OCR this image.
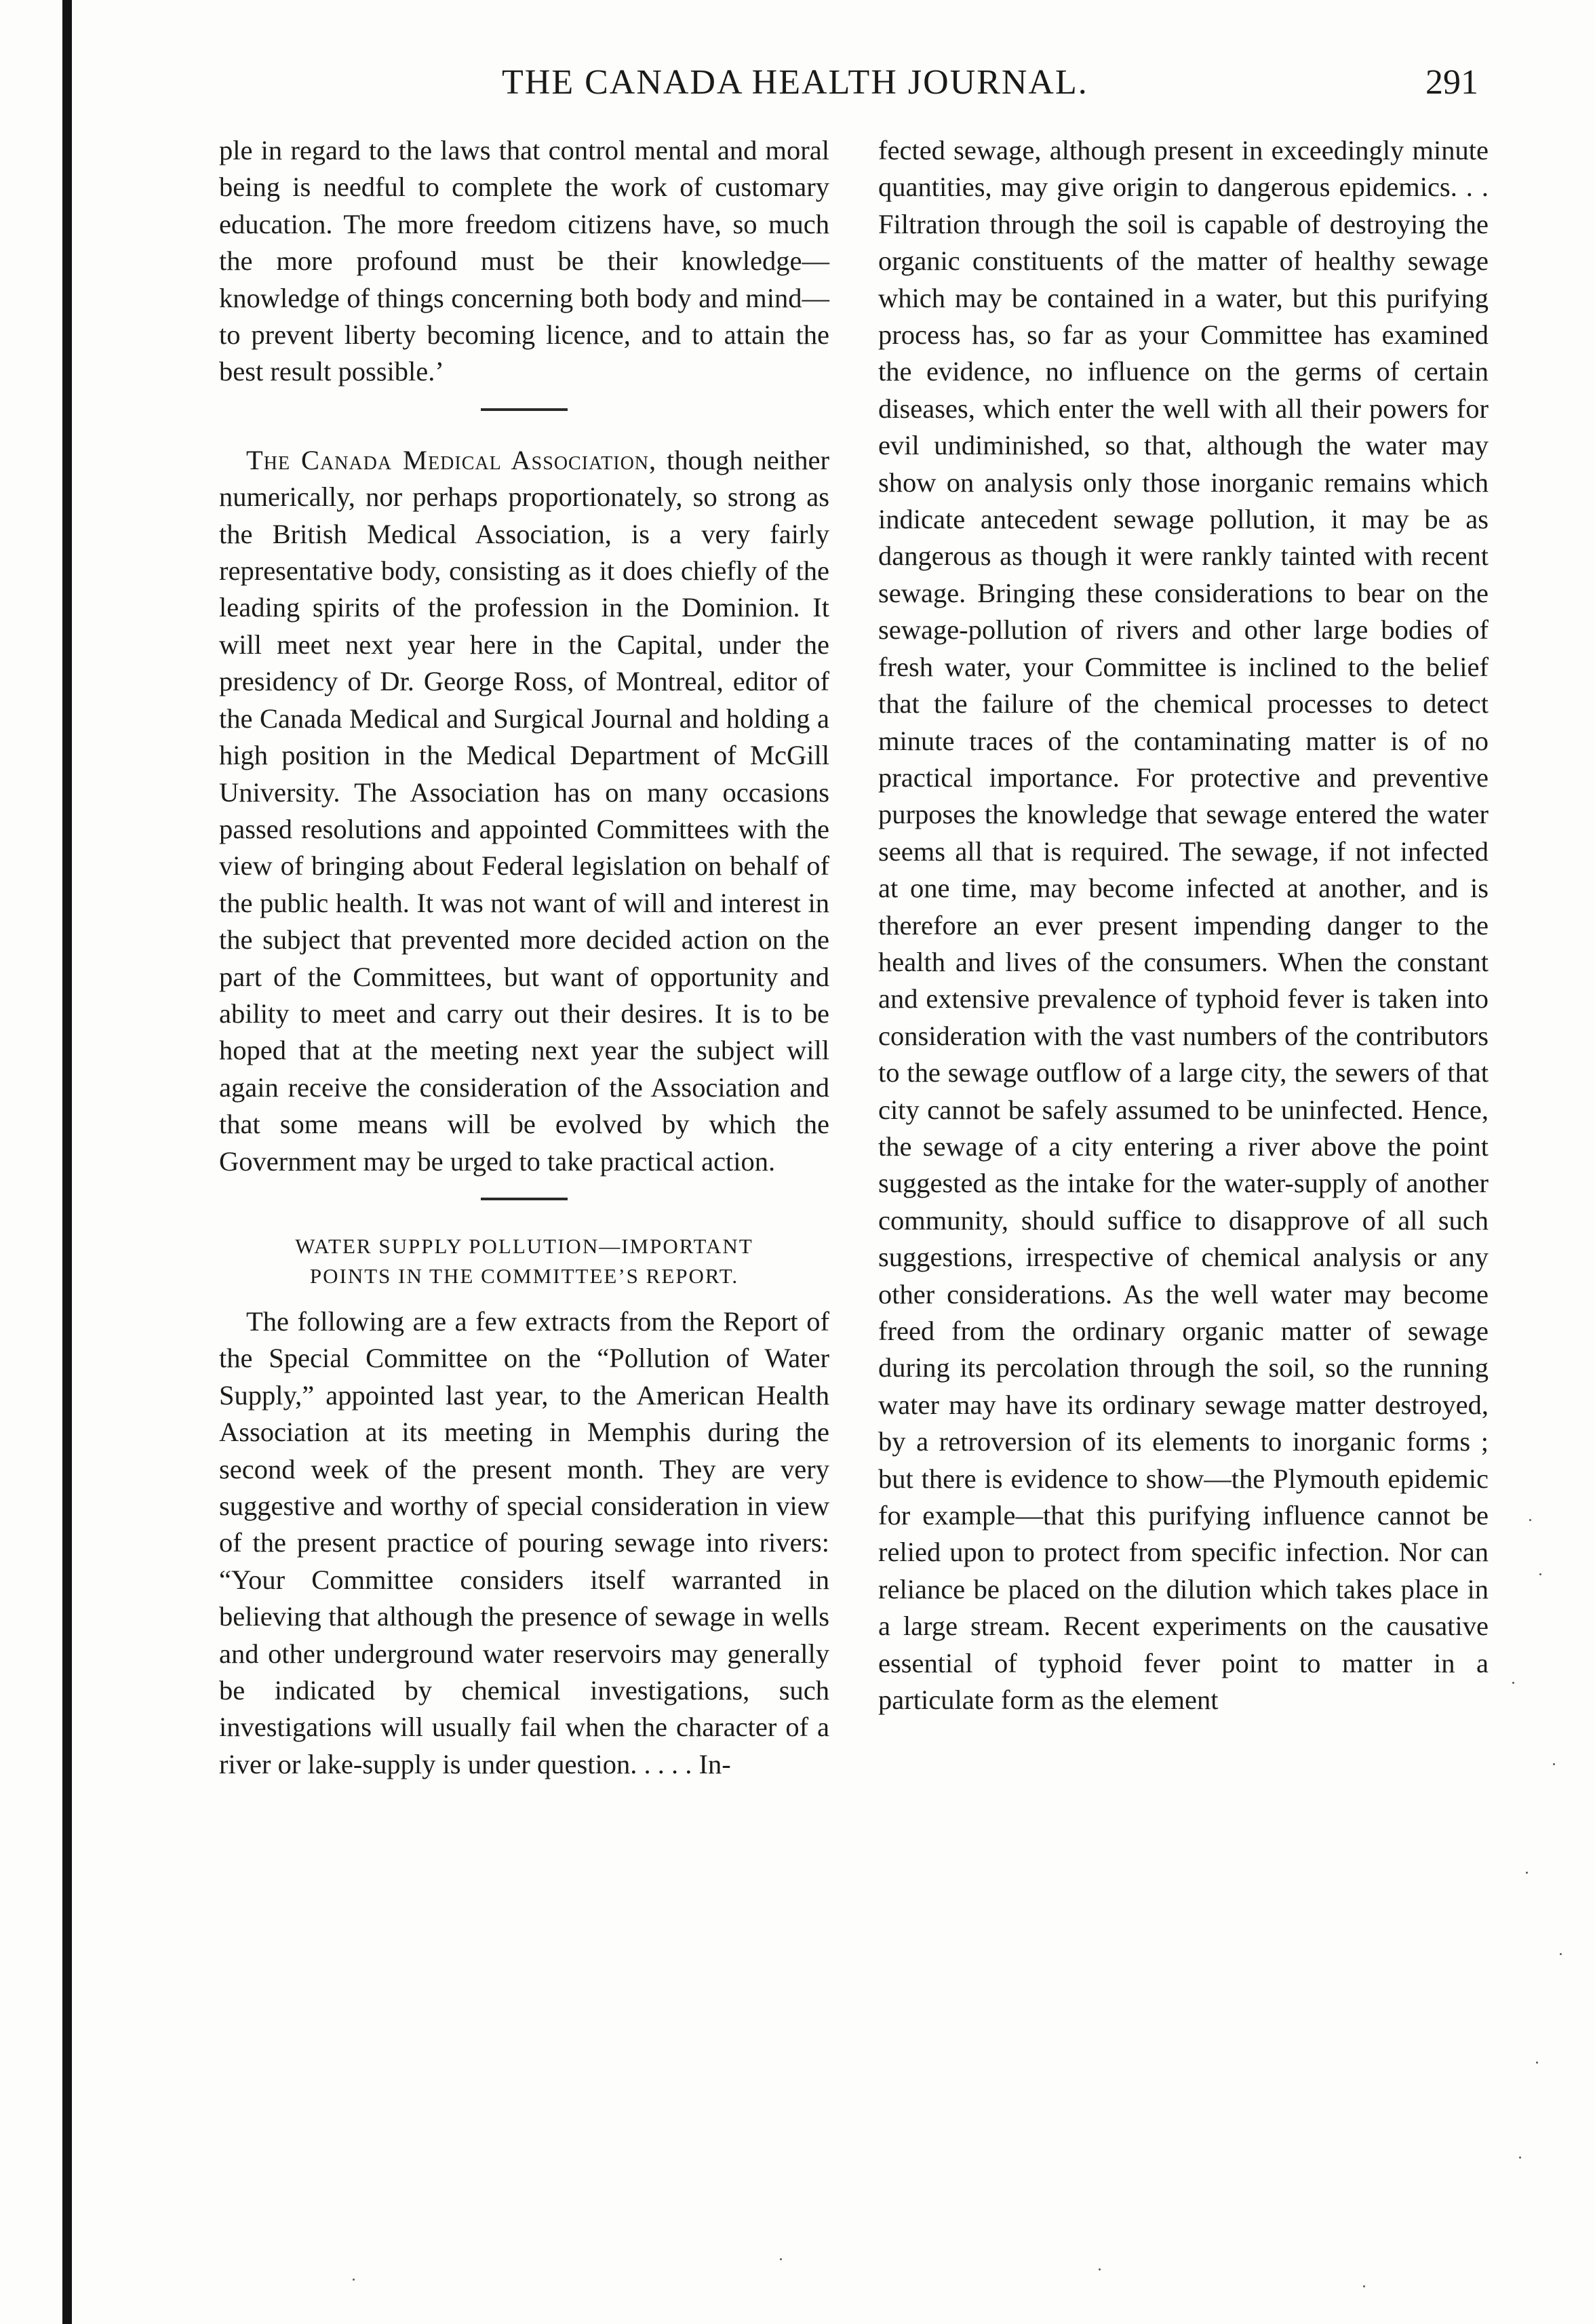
THE CANADA HEALTH JOURNAL.	291

ple in regard to the laws that control mental and moral being is needful to complete the work of customary education. The more freedom citizens have, so much the more profound must be their knowledge—knowledge of things concerning both body and mind—to prevent liberty becoming licence, and to attain the best result possible.’

The Canada Medical Association, though neither numerically, nor perhaps proportionately, so strong as the British Medical Association, is a very fairly representative body, consisting as it does chiefly of the leading spirits of the profession in the Dominion. It will meet next year here in the Capital, under the presidency of Dr. George Ross, of Montreal, editor of the Canada Medical and Surgical Journal and holding a high position in the Medical Department of McGill University. The Association has on many occasions passed resolutions and appointed Committees with the view of bringing about Federal legislation on behalf of the public health. It was not want of will and interest in the subject that prevented more decided action on the part of the Committees, but want of opportunity and ability to meet and carry out their desires. It is to be hoped that at the meeting next year the subject will again receive the consideration of the Association and that some means will be evolved by which the Government may be urged to take practical action.

WATER SUPPLY POLLUTION—IMPORTANT
POINTS IN THE COMMITTEE’S REPORT.

The following are a few extracts from the Report of the Special Committee on the “Pollution of Water Supply,” appointed last year, to the American Health Association at its meeting in Memphis during the second week of the present month. They are very suggestive and worthy of special consideration in view of the present practice of pouring sewage into rivers: “Your Committee considers itself warranted in believing that although the presence of sewage in wells and other underground water reservoirs may generally be indicated by chemical investigations, such investigations will usually fail when the character of a river or lake-supply is under question. . . . . In-

fected sewage, although present in exceedingly minute quantities, may give origin to dangerous epidemics. . . Filtration through the soil is capable of destroying the organic constituents of the matter of healthy sewage which may be contained in a water, but this purifying process has, so far as your Committee has examined the evidence, no influence on the germs of certain diseases, which enter the well with all their powers for evil undiminished, so that, although the water may show on analysis only those inorganic remains which indicate antecedent sewage pollution, it may be as dangerous as though it were rankly tainted with recent sewage. Bringing these considerations to bear on the sewage-pollution of rivers and other large bodies of fresh water, your Committee is inclined to the belief that the failure of the chemical processes to detect minute traces of the contaminating matter is of no practical importance. For protective and preventive purposes the knowledge that sewage entered the water seems all that is required. The sewage, if not infected at one time, may become infected at another, and is therefore an ever present impending danger to the health and lives of the consumers. When the constant and extensive prevalence of typhoid fever is taken into consideration with the vast numbers of the contributors to the sewage outflow of a large city, the sewers of that city cannot be safely assumed to be uninfected. Hence, the sewage of a city entering a river above the point suggested as the intake for the water-supply of another community, should suffice to disapprove of all such suggestions, irrespective of chemical analysis or any other considerations. As the well water may become freed from the ordinary organic matter of sewage during its percolation through the soil, so the running water may have its ordinary sewage matter destroyed, by a retroversion of its elements to inorganic forms ; but there is evidence to show—the Plymouth epidemic for example—that this purifying influence cannot be relied upon to protect from specific infection. Nor can reliance be placed on the dilution which takes place in a large stream. Recent experiments on the causative essential of typhoid fever point to matter in a particulate form as the element
